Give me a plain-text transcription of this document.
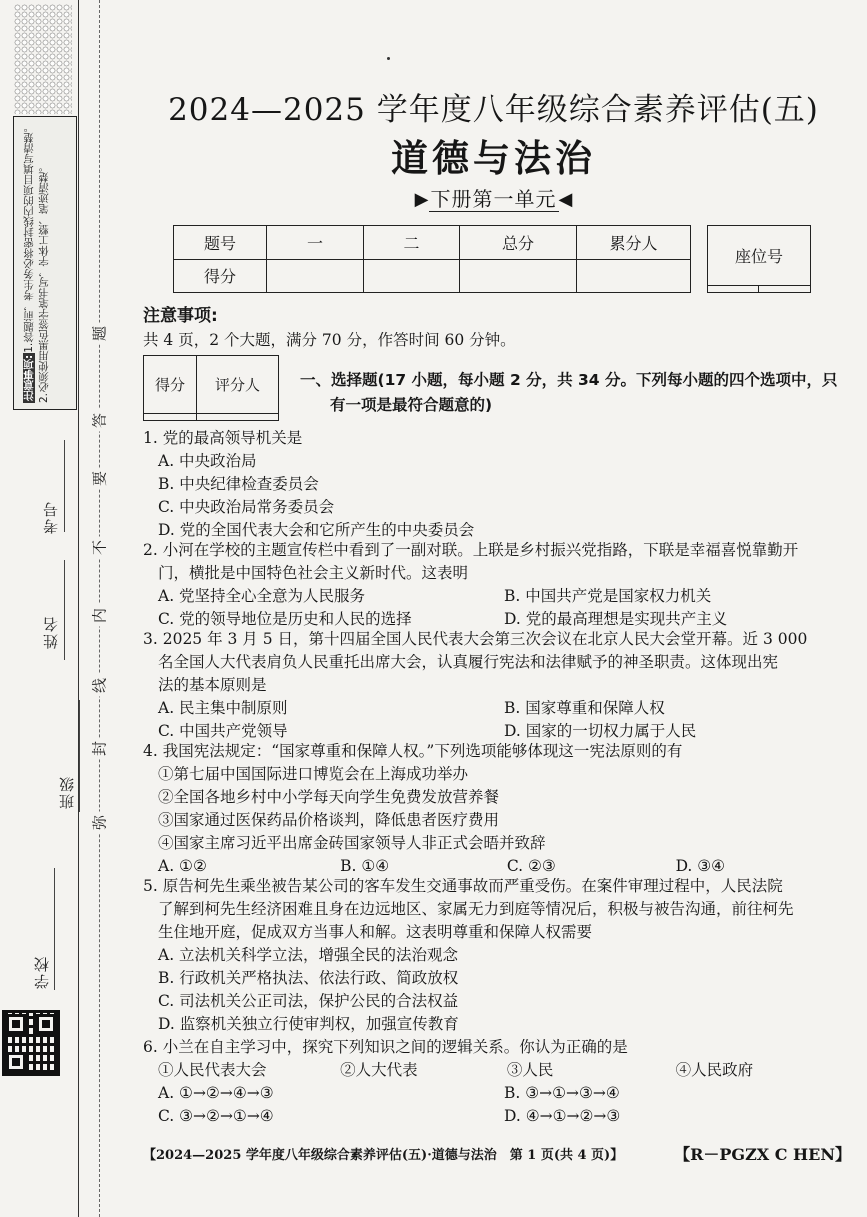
注意事项:1.答题前，考生务必将密封线内的项目填写清楚。 2.必须使用黑色签字笔书写，字体工整、笔迹清楚。
学校
班级
姓名
考号
弥
封
线
内
不
要
答
题
2024—2025 学年度八年级综合素养评估(五)
道德与法治
▶ 下册第一单元 ◀
题号	一	二	总分	累分人
得分				
座位号

注意事项:
共 4 页，2 个大题，满分 70 分，作答时间 60 分钟。
得分	评分人
		一、选择题(17 小题，每小题 2 分，共 34 分。下列每小题的四个选项中，只
有一项是最符合题意的)
1. 党的最高领导机关是
A. 中央政治局
B. 中央纪律检查委员会
C. 中央政治局常务委员会
D. 党的全国代表大会和它所产生的中央委员会
2. 小河在学校的主题宣传栏中看到了一副对联。上联是乡村振兴党指路，下联是幸福喜悦靠勤开
门，横批是中国特色社会主义新时代。这表明
A. 党坚持全心全意为人民服务	B. 中国共产党是国家权力机关
C. 党的领导地位是历史和人民的选择	D. 党的最高理想是实现共产主义
3. 2025 年 3 月 5 日，第十四届全国人民代表大会第三次会议在北京人民大会堂开幕。近 3 000
名全国人大代表肩负人民重托出席大会，认真履行宪法和法律赋予的神圣职责。这体现出宪
法的基本原则是
A. 民主集中制原则	B. 国家尊重和保障人权
C. 中国共产党领导	D. 国家的一切权力属于人民
4. 我国宪法规定：“国家尊重和保障人权。”下列选项能够体现这一宪法原则的有
①第七届中国国际进口博览会在上海成功举办
②全国各地乡村中小学每天向学生免费发放营养餐
③国家通过医保药品价格谈判，降低患者医疗费用
④国家主席习近平出席金砖国家领导人非正式会晤并致辞
A. ①②	B. ①④	C. ②③	D. ③④
5. 原告柯先生乘坐被告某公司的客车发生交通事故而严重受伤。在案件审理过程中，人民法院
了解到柯先生经济困难且身在边远地区、家属无力到庭等情况后，积极与被告沟通，前往柯先
生住地开庭，促成双方当事人和解。这表明尊重和保障人权需要
A. 立法机关科学立法，增强全民的法治观念
B. 行政机关严格执法、依法行政、简政放权
C. 司法机关公正司法，保护公民的合法权益
D. 监察机关独立行使审判权，加强宣传教育
6. 小兰在自主学习中，探究下列知识之间的逻辑关系。你认为正确的是
①人民代表大会	②人大代表	③人民	④人民政府
A. ①→②→④→③	B. ③→①→③→④
C. ③→②→①→④	D. ④→①→②→③
【2024—2025 学年度八年级综合素养评估(五)·道德与法治　第 1 页(共 4 页)】	【R－PGZX C HEN】
